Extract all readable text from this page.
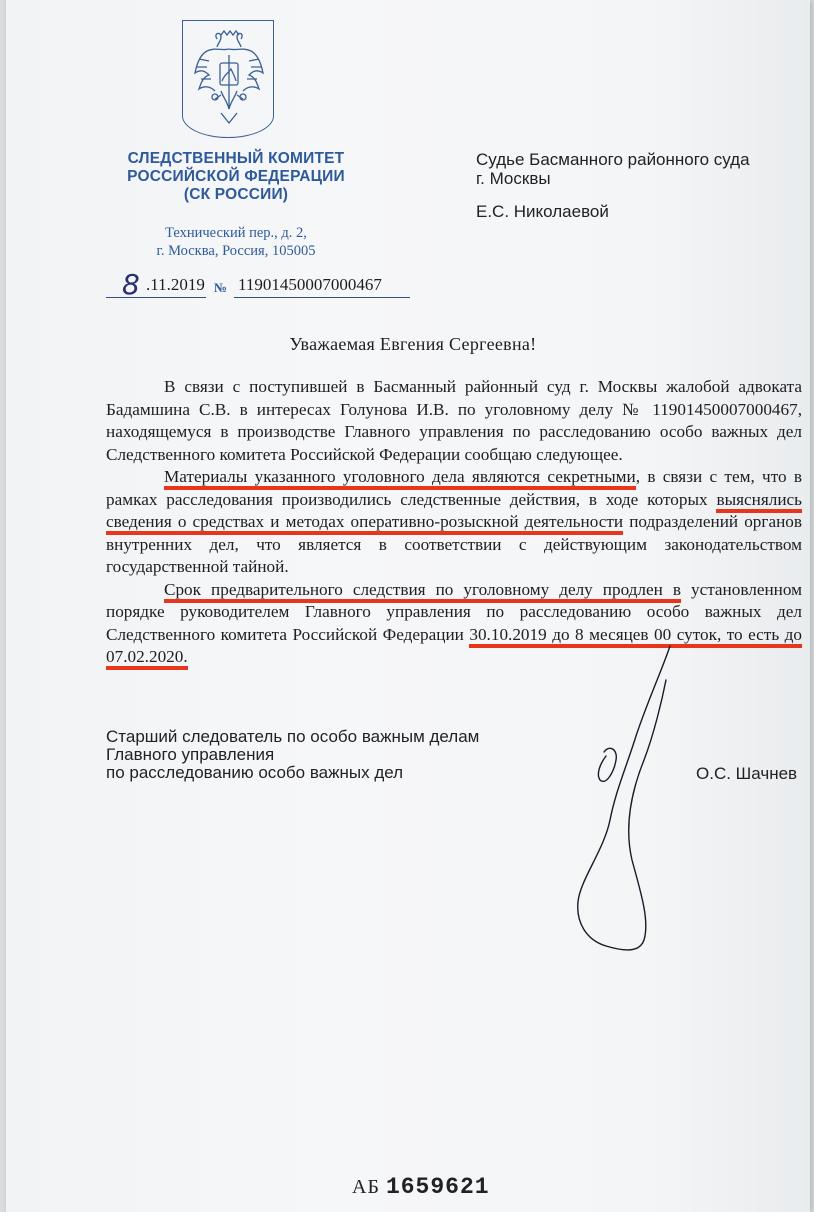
СЛЕДСТВЕННЫЙ КОМИТЕТ
РОССИЙСКОЙ ФЕДЕРАЦИИ
(СК РОССИИ)
Технический пер., д. 2,
г. Москва, Россия, 105005
8 .11.2019 № 11901450007000467
Судье Басманного районного суда
г. Москвы
Е.С. Николаевой
Уважаемая Евгения Сергеевна!

В связи с поступившей в Басманный районный суд г. Москвы жалобой адвоката Бадамшина С.В. в интересах Голунова И.В. по уголовному делу № 11901450007000467, находящемуся в производстве Главного управления по расследованию особо важных дел Следственного комитета Российской Федерации сообщаю следующее.

Материалы указанного уголовного дела являются секретными, в связи с тем, что в рамках расследования производились следственные действия, в ходе которых выяснялись сведения о средствах и методах оперативно-розыскной деятельности подразделений органов внутренних дел, что является в соответствии с действующим законодательством государственной тайной.

Срок предварительного следствия по уголовному делу продлен в установленном порядке руководителем Главного управления по расследованию особо важных дел Следственного комитета Российской Федерации 30.10.2019 до 8 месяцев 00 суток, то есть до 07.02.2020.

Старший следователь по особо важным делам
Главного управления
по расследованию особо важных дел	О.С. Шачнев
АБ 1659621
